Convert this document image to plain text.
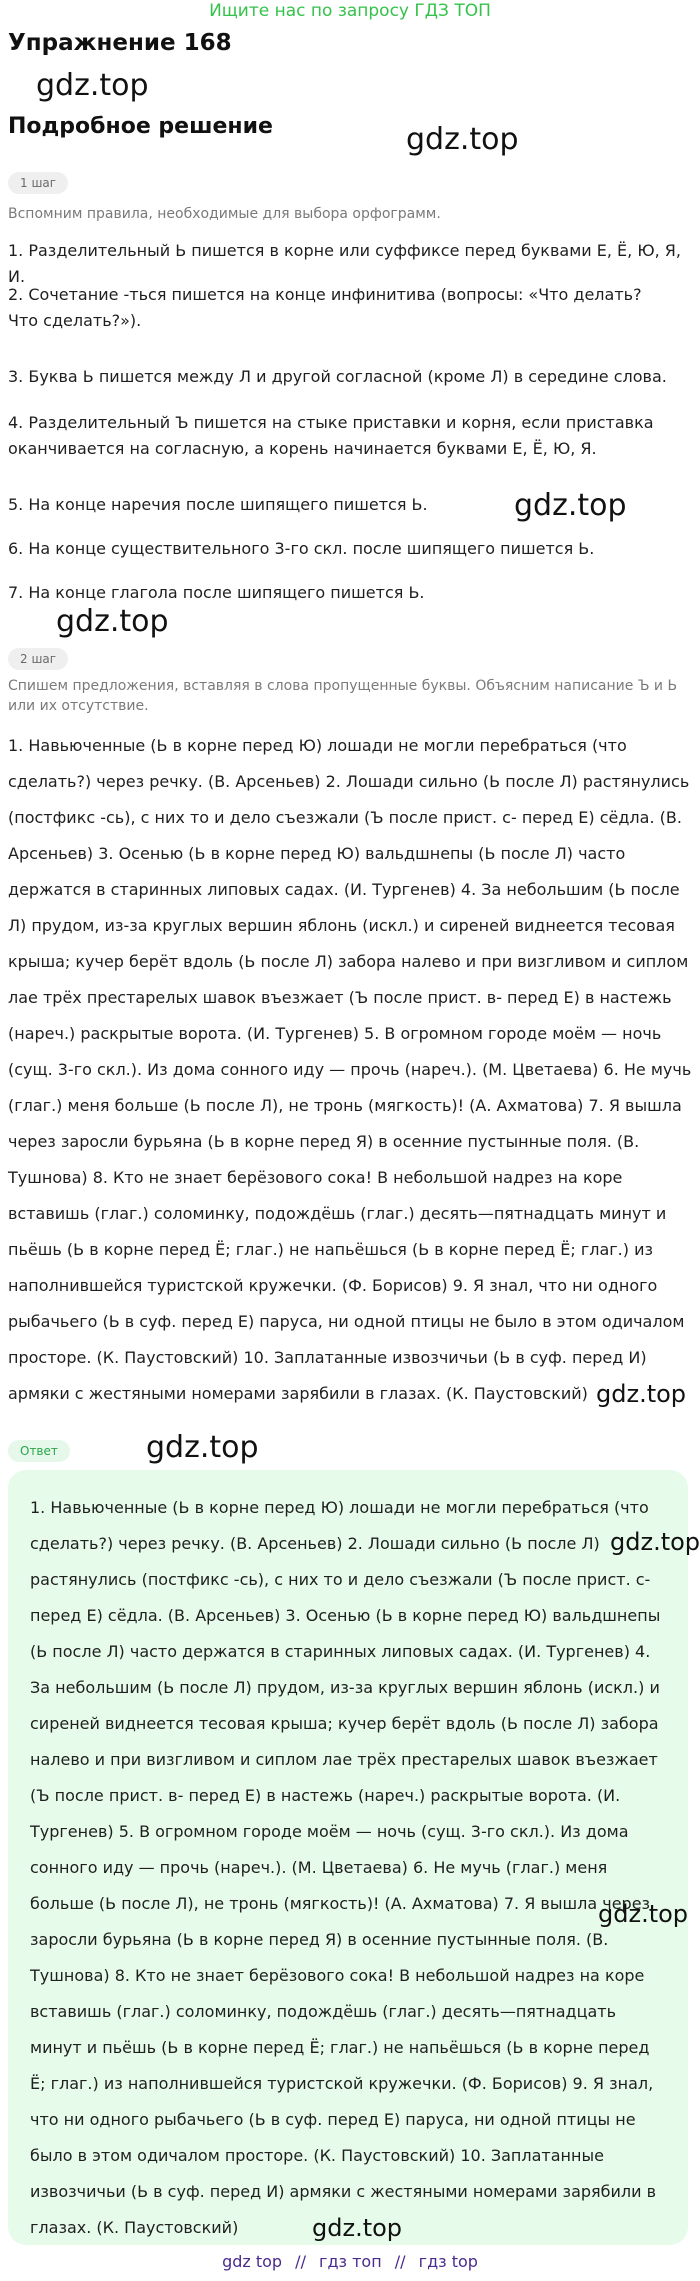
Ищите нас по запросу ГДЗ ТОП
Упражнение 168
gdz.top
Подробное решение	gdz.top
1 шаг
Вспомним правила, необходимые для выбора орфограмм.
1. Разделительный Ь пишется в корне или суффиксе перед буквами Е, Ё, Ю, Я, И.
2. Сочетание -ться пишется на конце инфинитива (вопросы: «Что делать? Что сделать?»).
3. Буква Ь пишется между Л и другой согласной (кроме Л) в середине слова.
4. Разделительный Ъ пишется на стыке приставки и корня, если приставка оканчивается на согласную, а корень начинается буквами Е, Ё, Ю, Я.
5. На конце наречия после шипящего пишется Ь.	gdz.top
6. На конце существительного 3-го скл. после шипящего пишется Ь.
7. На конце глагола после шипящего пишется Ь.
gdz.top
2 шаг
Спишем предложения, вставляя в слова пропущенные буквы. Объясним написание Ъ и Ь или их отсутствие.
1. Навьюченные (Ь в корне перед Ю) лошади не могли перебраться (что сделать?) через речку. (В. Арсеньев) 2. Лошади сильно (Ь после Л) растянулись (постфикс -сь), с них то и дело съезжали (Ъ после прист. с- перед Е) сёдла. (В. Арсеньев) 3. Осенью (Ь в корне перед Ю) вальдшнепы (Ь после Л) часто держатся в старинных липовых садах. (И. Тургенев) 4. За небольшим (Ь после Л) прудом, из-за круглых вершин яблонь (искл.) и сиреней виднеется тесовая крыша; кучер берёт вдоль (Ь после Л) забора налево и при визгливом и сиплом лае трёх престарелых шавок въезжает (Ъ после прист. в- перед Е) в настежь (нареч.) раскрытые ворота. (И. Тургенев) 5. В огромном городе моём — ночь (сущ. 3-го скл.). Из дома сонного иду — прочь (нареч.). (М. Цветаева) 6. Не мучь (глаг.) меня больше (Ь после Л), не тронь (мягкость)! (А. Ахматова) 7. Я вышла через заросли бурьяна (Ь в корне перед Я) в осенние пустынные поля. (В. Тушнова) 8. Кто не знает берёзового сока! В небольшой надрез на коре вставишь (глаг.) соломинку, подождёшь (глаг.) десять—пятнадцать минут и пьёшь (Ь в корне перед Ё; глаг.) не напьёшься (Ь в корне перед Ё; глаг.) из наполнившейся туристской кружечки. (Ф. Борисов) 9. Я знал, что ни одного рыбачьего (Ь в суф. перед Е) паруса, ни одной птицы не было в этом одичалом просторе. (К. Паустовский) 10. Заплатанные извозчичьи (Ь в суф. перед И) армяки с жестяными номерами зарябили в глазах. (К. Паустовский) gdz.top
Ответ	gdz.top
1. Навьюченные (Ь в корне перед Ю) лошади не могли перебраться (что сделать?) через речку. (В. Арсеньев) 2. Лошади сильно (Ь после Л) растянулись (постфикс -сь), с них то и дело съезжали (Ъ после прист. с- перед Е) сёдла. (В. Арсеньев) 3. Осенью (Ь в корне перед Ю) вальдшнепы (Ь после Л) часто держатся в старинных липовых садах. (И. Тургенев) 4. За небольшим (Ь после Л) прудом, из-за круглых вершин яблонь (искл.) и сиреней виднеется тесовая крыша; кучер берёт вдоль (Ь после Л) забора налево и при визгливом и сиплом лае трёх престарелых шавок въезжает (Ъ после прист. в- перед Е) в настежь (нареч.) раскрытые ворота. (И. Тургенев) 5. В огромном городе моём — ночь (сущ. 3-го скл.). Из дома сонного иду — прочь (нареч.). (М. Цветаева) 6. Не мучь (глаг.) меня больше (Ь после Л), не тронь (мягкость)! (А. Ахматова) 7. Я вышла через заросли бурьяна (Ь в корне перед Я) в осенние пустынные поля. (В. Тушнова) 8. Кто не знает берёзового сока! В небольшой надрез на коре вставишь (глаг.) соломинку, подождёшь (глаг.) десять—пятнадцать минут и пьёшь (Ь в корне перед Ё; глаг.) не напьёшься (Ь в корне перед Ё; глаг.) из наполнившейся туристской кружечки. (Ф. Борисов) 9. Я знал, что ни одного рыбачьего (Ь в суф. перед Е) паруса, ни одной птицы не было в этом одичалом просторе. (К. Паустовский) 10. Заплатанные извозчичьи (Ь в суф. перед И) армяки с жестяными номерами зарябили в глазах. (К. Паустовский)
gdz.top
gdz.top
gdz.top
gdz top // гдз топ // гдз top
